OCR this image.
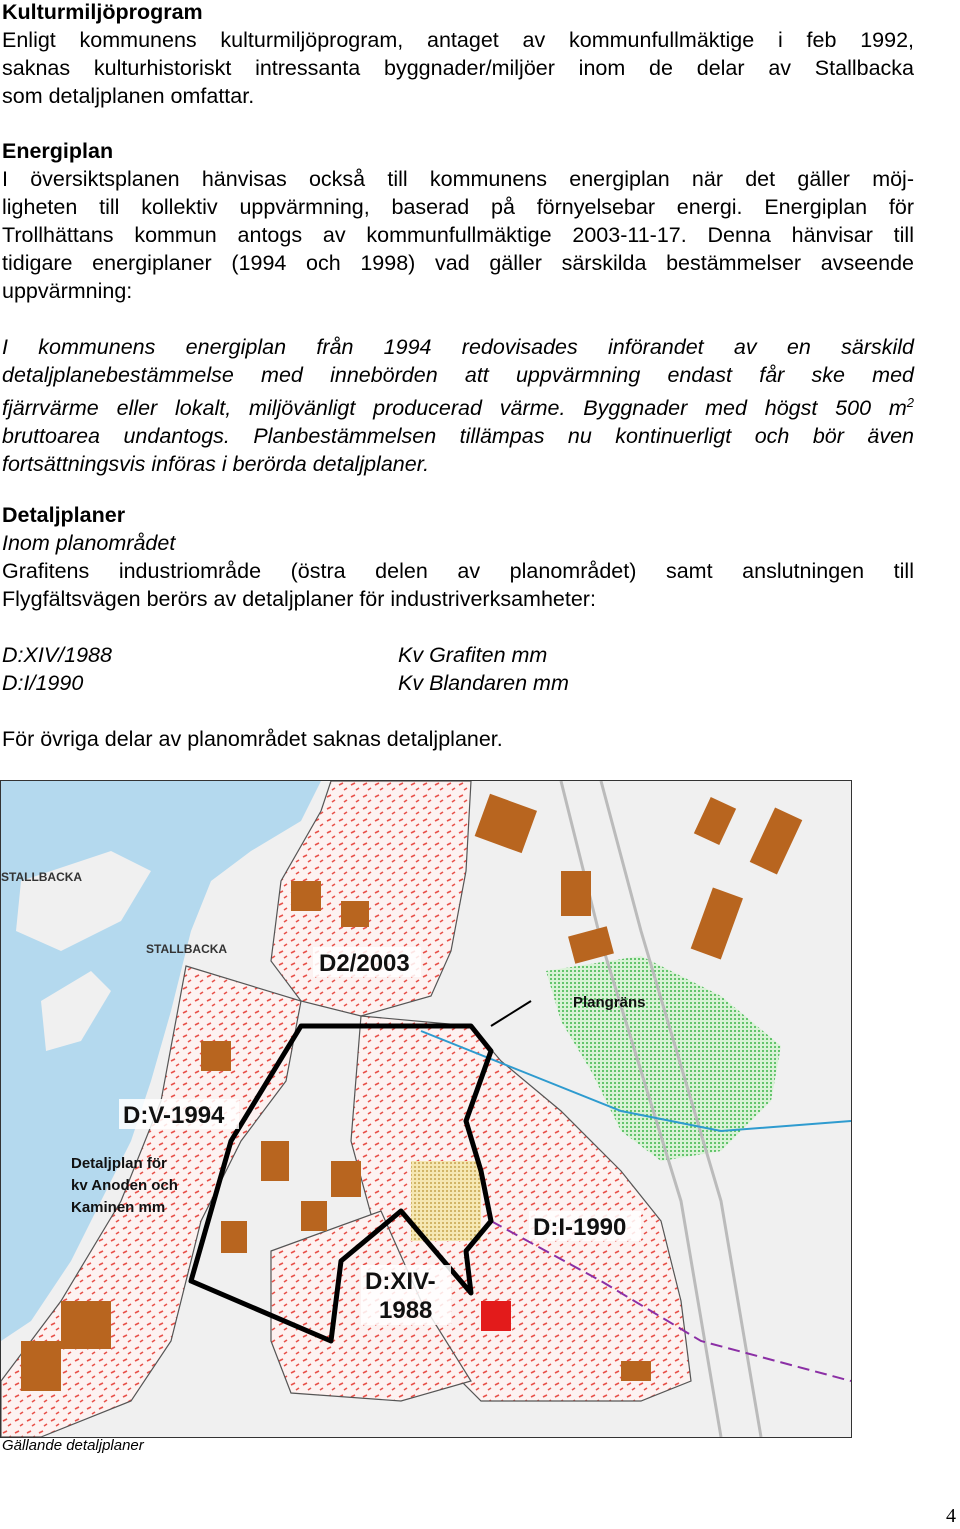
Kulturmiljöprogram
Enligt kommunens kulturmiljöprogram, antaget av kommunfullmäktige i feb 1992,
saknas kulturhistoriskt intressanta byggnader/miljöer inom de delar av Stallbacka
som detaljplanen omfattar.
Energiplan
I översiktsplanen hänvisas också till kommunens energiplan när det gäller möj-
ligheten till kollektiv uppvärmning, baserad på förnyelsebar energi. Energiplan för
Trollhättans kommun antogs av kommunfullmäktige 2003-11-17. Denna hänvisar till
tidigare energiplaner (1994 och 1998) vad gäller särskilda bestämmelser avseende
uppvärmning:
I kommunens energiplan från 1994 redovisades införandet av en särskild
detaljplanebestämmelse med innebörden att uppvärmning endast får ske med
fjärrvärme eller lokalt, miljövänligt producerad värme. Byggnader med högst 500 $m^2$
bruttoarea undantogs. Planbestämmelsen tillämpas nu kontinuerligt och bör även
fortsättningsvis införas i berörda detaljplaner.
Detaljplaner
Inom planområdet
Grafitens industriområde (östra delen av planområdet) samt anslutningen till
Flygfältsvägen berörs av detaljplaner för industriverksamheter:
D:XIV/1988	Kv Grafiten mm
D:I/1990	Kv Blandaren mm
För övriga delar av planområdet saknas detaljplaner.
STALLBACKA
STALLBACKA
D2/2003
Plangräns
D:V-1994
Detaljplan för
kv Anoden och
Kaminen mm
D:I-1990
D:XIV-
1988
Gällande detaljplaner
4
